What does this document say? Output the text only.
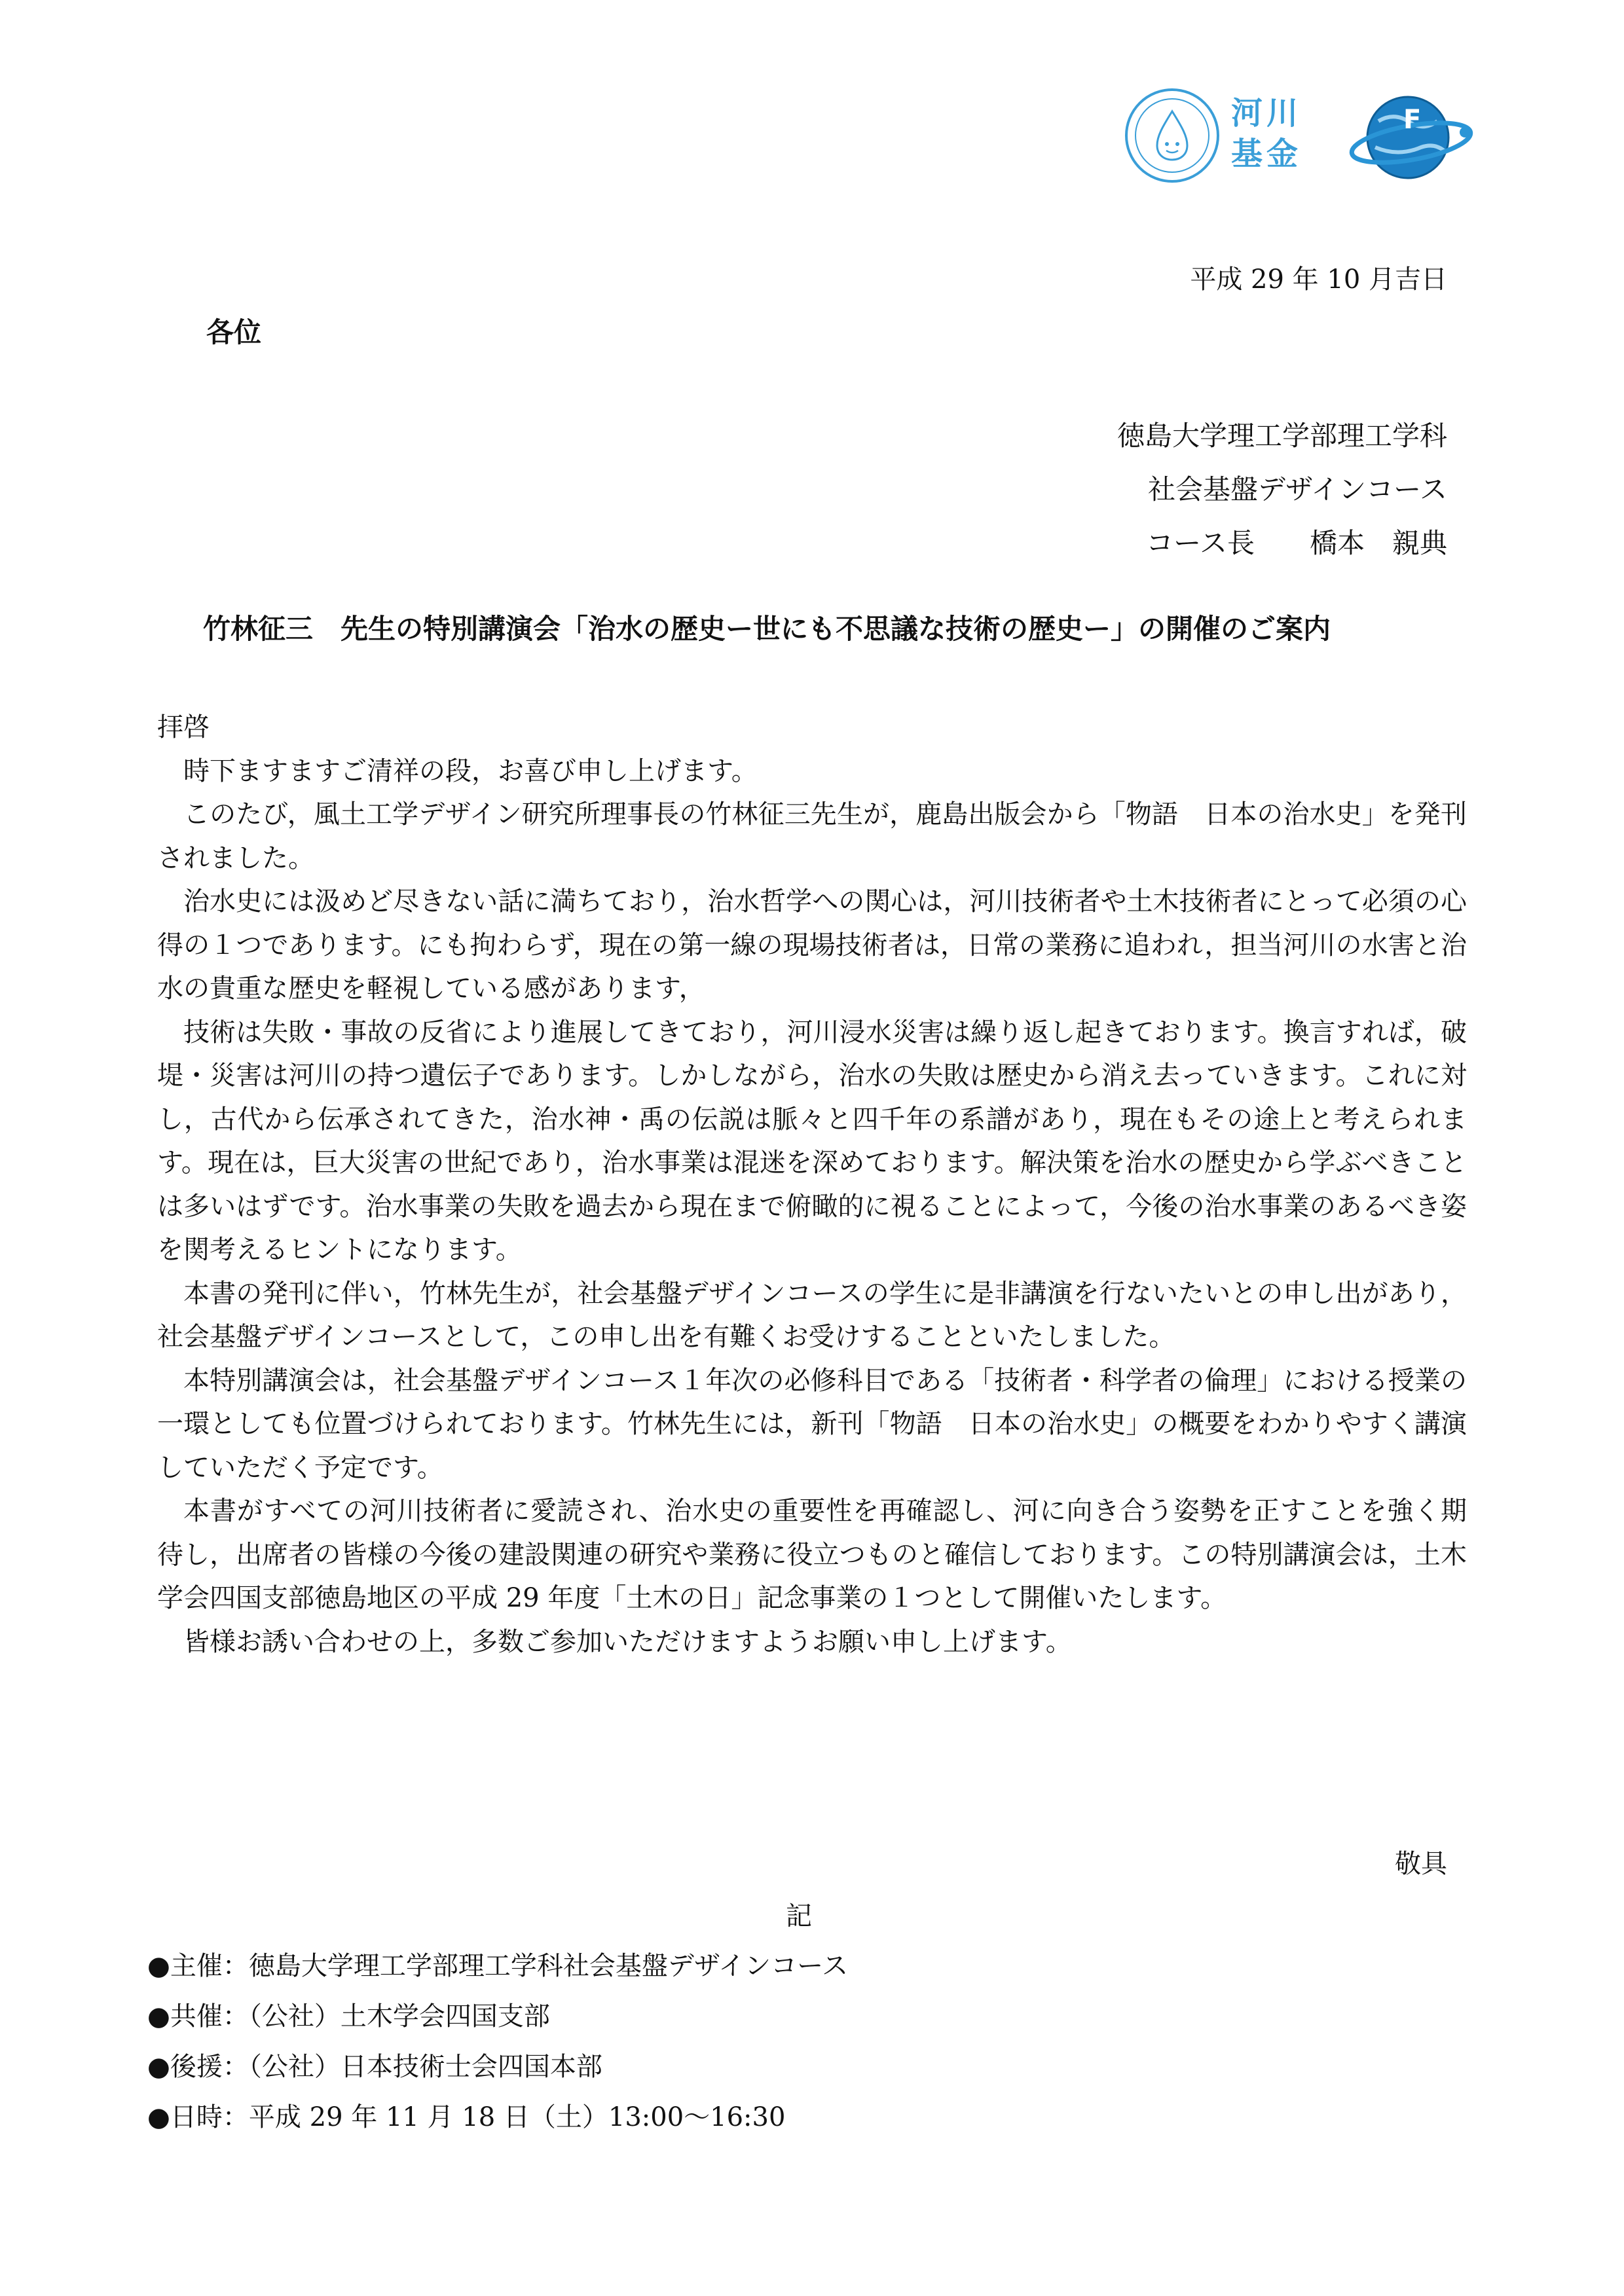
河川
基金
F
平成 29 年 10 月吉日
各位
徳島大学理工学部理工学科
社会基盤デザインコース
コース長　　橋本　親典
竹林征三　先生の特別講演会「治水の歴史ー世にも不思議な技術の歴史ー」の開催のご案内

拝啓

時下ますますご清祥の段，お喜び申し上げます。

このたび，風土工学デザイン研究所理事長の竹林征三先生が，鹿島出版会から「物語　日本の治水史」を発刊されました。

治水史には汲めど尽きない話に満ちており，治水哲学への関心は，河川技術者や土木技術者にとって必須の心得の１つであります。にも拘わらず，現在の第一線の現場技術者は，日常の業務に追われ，担当河川の水害と治水の貴重な歴史を軽視している感があります，

技術は失敗・事故の反省により進展してきており，河川浸水災害は繰り返し起きております。換言すれば，破堤・災害は河川の持つ遺伝子であります。しかしながら，治水の失敗は歴史から消え去っていきます。これに対し，古代から伝承されてきた，治水神・禹の伝説は脈々と四千年の系譜があり，現在もその途上と考えられます。現在は，巨大災害の世紀であり，治水事業は混迷を深めております。解決策を治水の歴史から学ぶべきことは多いはずです。治水事業の失敗を過去から現在まで俯瞰的に視ることによって，今後の治水事業のあるべき姿を関考えるヒントになります。

本書の発刊に伴い，竹林先生が，社会基盤デザインコースの学生に是非講演を行ないたいとの申し出があり，社会基盤デザインコースとして，この申し出を有難くお受けすることといたしました。

本特別講演会は，社会基盤デザインコース１年次の必修科目である「技術者・科学者の倫理」における授業の一環としても位置づけられております。竹林先生には，新刊「物語　日本の治水史」の概要をわかりやすく講演していただく予定です。

本書がすべての河川技術者に愛読され、治水史の重要性を再確認し、河に向き合う姿勢を正すことを強く期待し，出席者の皆様の今後の建設関連の研究や業務に役立つものと確信しております。この特別講演会は，土木学会四国支部徳島地区の平成 29 年度「土木の日」記念事業の１つとして開催いたします。

皆様お誘い合わせの上，多数ご参加いただけますようお願い申し上げます。

敬具
記
●主催：徳島大学理工学部理工学科社会基盤デザインコース
●共催：（公社）土木学会四国支部
●後援：（公社）日本技術士会四国本部
●日時：平成 29 年 11 月 18 日（土）13:00～16:30
